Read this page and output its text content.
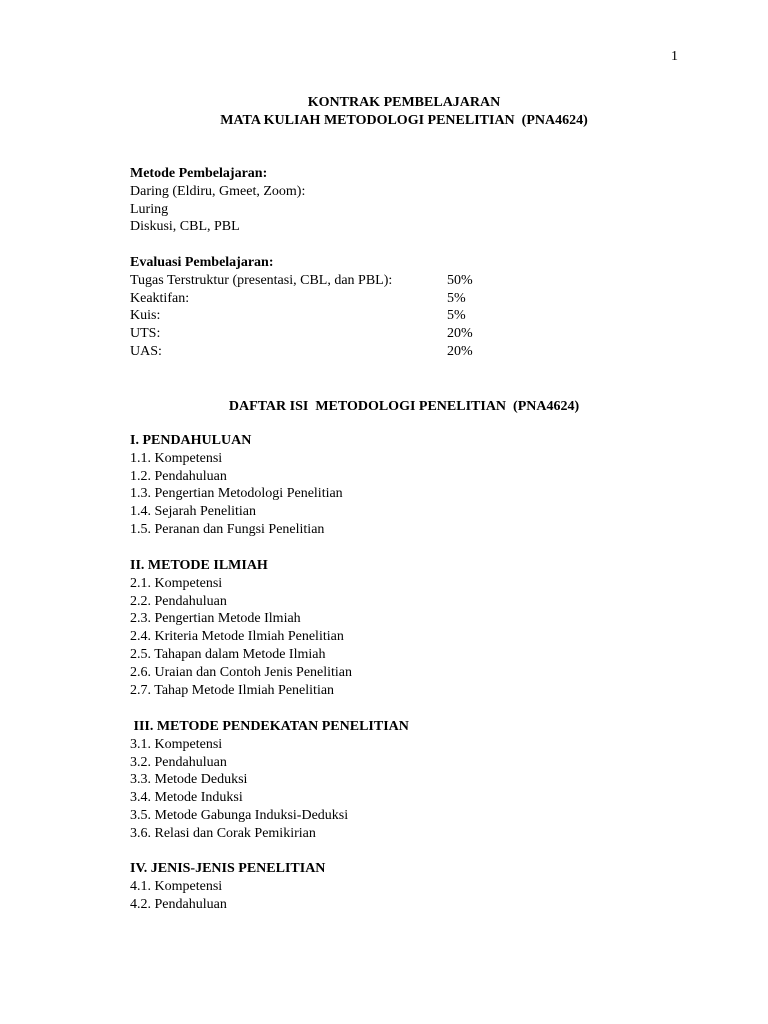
1
KONTRAK PEMBELAJARAN
MATA KULIAH METODOLOGI PENELITIAN  (PNA4624)
Metode Pembelajaran:
Daring (Eldiru, Gmeet, Zoom):
Luring
Diskusi, CBL, PBL
Evaluasi Pembelajaran:
Tugas Terstruktur (presentasi, CBL, dan PBL):	50%
Keaktifan:	5%
Kuis:	5%
UTS:	20%
UAS:	20%
DAFTAR ISI  METODOLOGI PENELITIAN  (PNA4624)
I. PENDAHULUAN
1.1. Kompetensi
1.2. Pendahuluan
1.3. Pengertian Metodologi Penelitian
1.4. Sejarah Penelitian
1.5. Peranan dan Fungsi Penelitian
II. METODE ILMIAH
2.1. Kompetensi
2.2. Pendahuluan
2.3. Pengertian Metode Ilmiah
2.4. Kriteria Metode Ilmiah Penelitian
2.5. Tahapan dalam Metode Ilmiah
2.6. Uraian dan Contoh Jenis Penelitian
2.7. Tahap Metode Ilmiah Penelitian
III. METODE PENDEKATAN PENELITIAN
3.1. Kompetensi
3.2. Pendahuluan
3.3. Metode Deduksi
3.4. Metode Induksi
3.5. Metode Gabunga Induksi-Deduksi
3.6. Relasi dan Corak Pemikirian
IV. JENIS-JENIS PENELITIAN
4.1. Kompetensi
4.2. Pendahuluan
